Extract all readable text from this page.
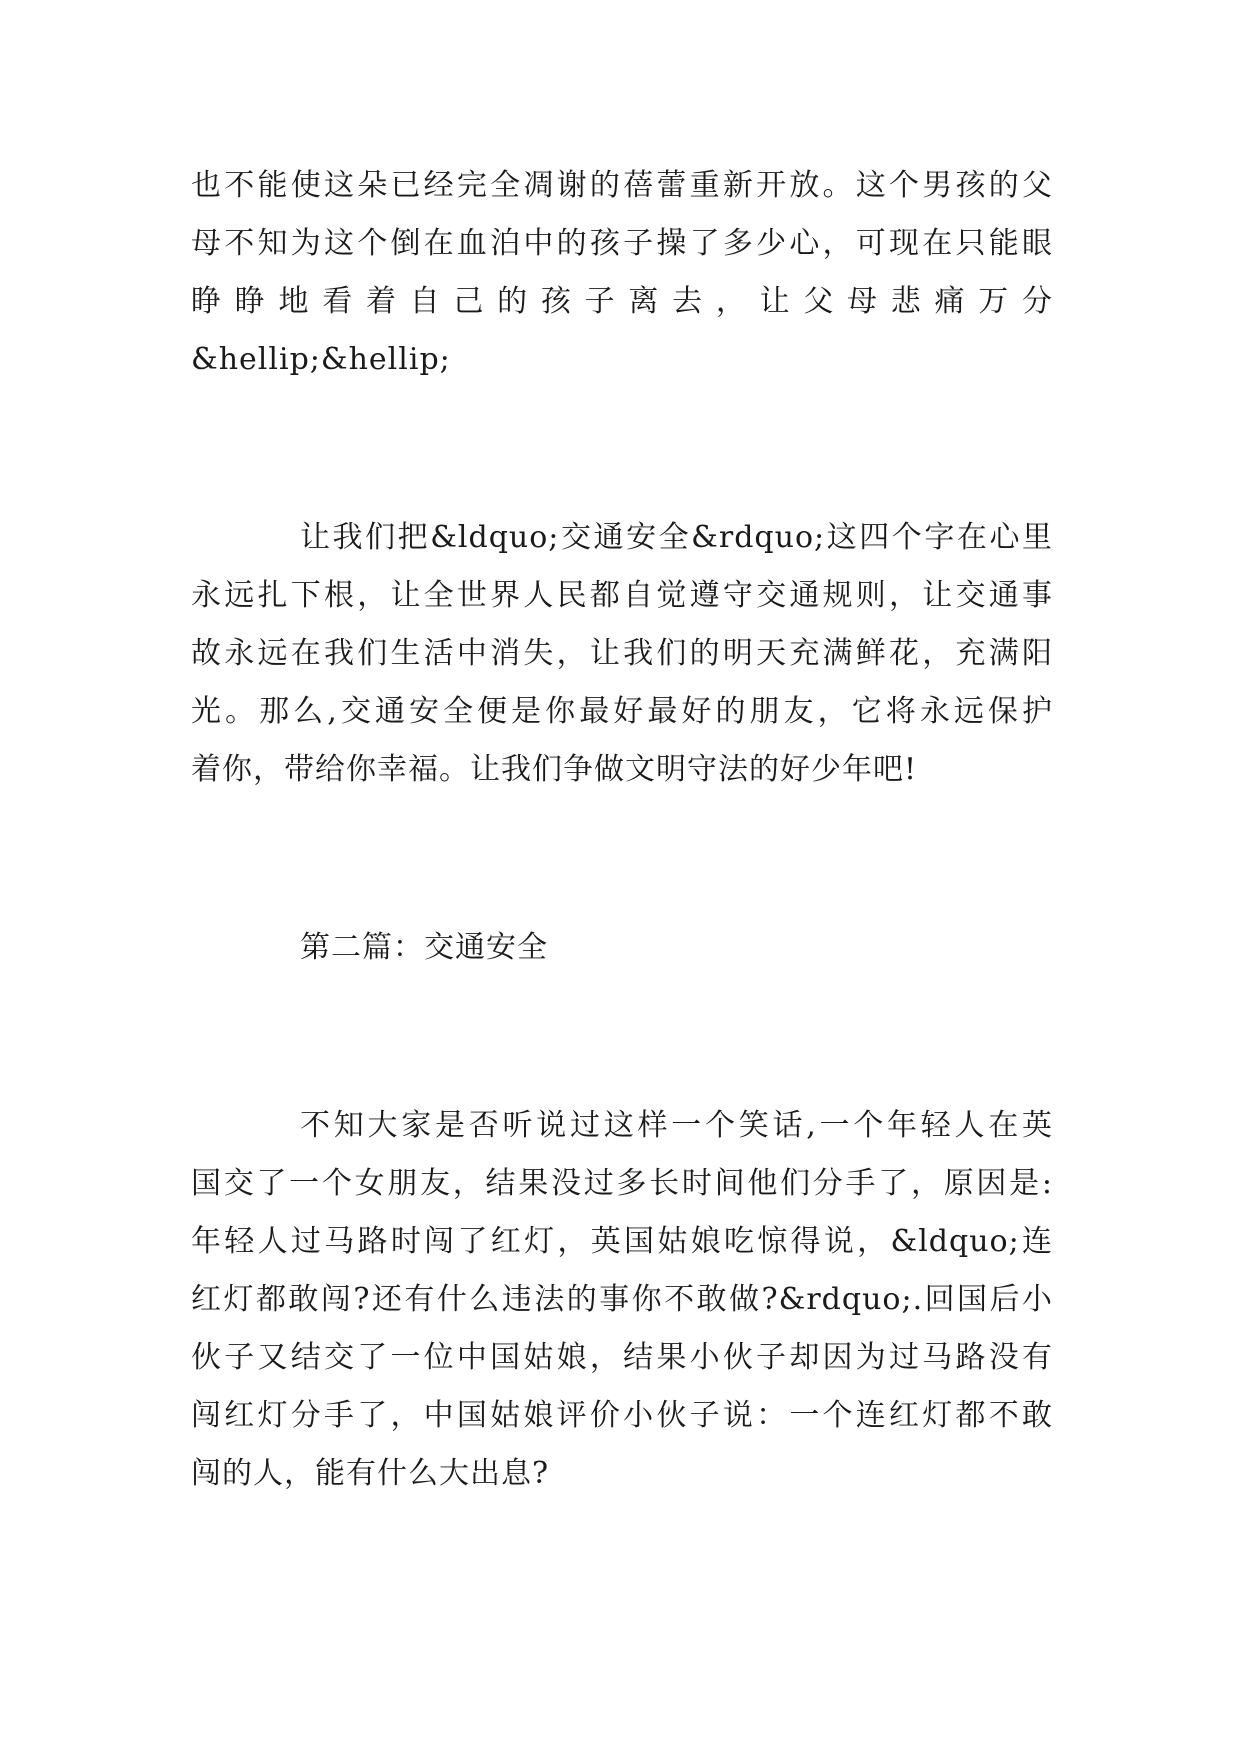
也不能使这朵已经完全凋谢的蓓蕾重新开放。这个男孩的父
母不知为这个倒在血泊中的孩子操了多少心，可现在只能眼
睁睁地看着自己的孩子离去，让父母悲痛万分
&hellip;&hellip;
让我们把&ldquo;交通安全&rdquo;这四个字在心里
永远扎下根，让全世界人民都自觉遵守交通规则，让交通事
故永远在我们生活中消失，让我们的明天充满鲜花，充满阳
光。那么,交通安全便是你最好最好的朋友，它将永远保护
着你，带给你幸福。让我们争做文明守法的好少年吧!
第二篇：交通安全
不知大家是否听说过这样一个笑话,一个年轻人在英
国交了一个女朋友，结果没过多长时间他们分手了，原因是:
年轻人过马路时闯了红灯，英国姑娘吃惊得说，&ldquo;连
红灯都敢闯?还有什么违法的事你不敢做?&rdquo;.回国后小
伙子又结交了一位中国姑娘，结果小伙子却因为过马路没有
闯红灯分手了，中国姑娘评价小伙子说：一个连红灯都不敢
闯的人，能有什么大出息?
